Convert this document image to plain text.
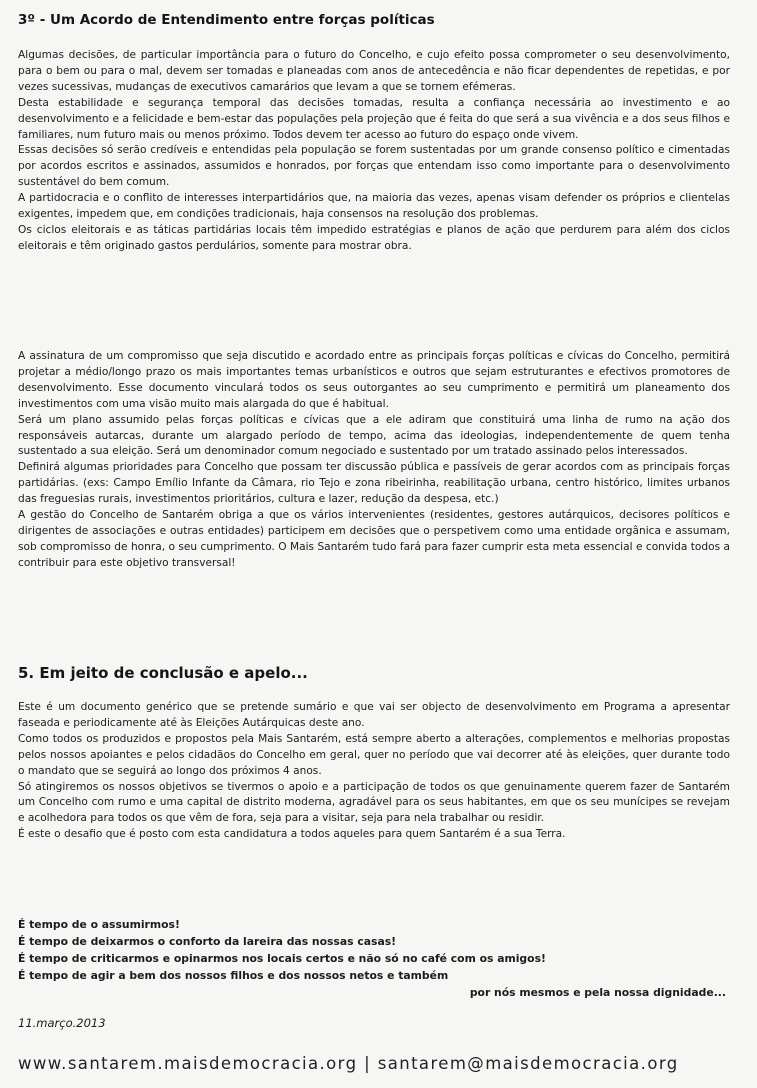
3º - Um Acordo de Entendimento entre forças políticas
Algumas decisões, de particular importância para o futuro do Concelho, e cujo efeito possa comprometer o seu desenvolvimento, para o bem ou para o mal, devem ser tomadas e planeadas com anos de antecedência e não ficar dependentes de repetidas, e por vezes sucessivas, mudanças de executivos camarários que levam a que se tornem efémeras.
Desta estabilidade e segurança temporal das decisões tomadas, resulta a confiança necessária ao investimento e ao desenvolvimento e a felicidade e bem-estar das populações pela projeção que é feita do que será a sua vivência e a dos seus filhos e familiares, num futuro mais ou menos próximo. Todos devem ter acesso ao futuro do espaço onde vivem.
Essas decisões só serão credíveis e entendidas pela população se forem sustentadas por um grande consenso político e cimentadas por acordos escritos e assinados, assumidos e honrados, por forças que entendam isso como importante para o desenvolvimento sustentável do bem comum.
A partidocracia e o conflito de interesses interpartidários que, na maioria das vezes, apenas visam defender os próprios e clientelas exigentes, impedem que, em condições tradicionais, haja consensos na resolução dos problemas.
Os ciclos eleitorais e as táticas partidárias locais têm impedido estratégias e planos de ação que perdurem para além dos ciclos eleitorais e têm originado gastos perdulários, somente para mostrar obra.
A assinatura de um compromisso que seja discutido e acordado entre as principais forças políticas e cívicas do Concelho, permitirá projetar a médio/longo prazo os mais importantes temas urbanísticos e outros que sejam estruturantes e efectivos promotores de desenvolvimento. Esse documento vinculará todos os seus outorgantes ao seu cumprimento e permitirá um planeamento dos investimentos com uma visão muito mais alargada do que é habitual.
Será um plano assumido pelas forças políticas e cívicas que a ele adiram que constituirá uma linha de rumo na ação dos responsáveis autarcas, durante um alargado período de tempo, acima das ideologias, independentemente de quem tenha sustentado a sua eleição. Será um denominador comum negociado e sustentado por um tratado assinado pelos interessados.
Definirá algumas prioridades para Concelho que possam ter discussão pública e passíveis de gerar acordos com as principais forças partidárias. (exs: Campo Emílio Infante da Câmara, rio Tejo e zona ribeirinha, reabilitação urbana, centro histórico, limites urbanos das freguesias rurais, investimentos prioritários, cultura e lazer, redução da despesa, etc.)
A gestão do Concelho de Santarém obriga a que os vários intervenientes (residentes, gestores autárquicos, decisores políticos e dirigentes de associações e outras entidades) participem em decisões que o perspetivem como uma entidade orgânica e assumam, sob compromisso de honra, o seu cumprimento. O Mais Santarém tudo fará para fazer cumprir esta meta essencial e convida todos a contribuir para este objetivo transversal!
5. Em jeito de conclusão e apelo...
Este é um documento genérico que se pretende sumário e que vai ser objecto de desenvolvimento em Programa a apresentar faseada e periodicamente até às Eleições Autárquicas deste ano.
Como todos os produzidos e propostos pela Mais Santarém, está sempre aberto a alterações, complementos e melhorias propostas pelos nossos apoiantes e pelos cidadãos do Concelho em geral, quer no período que vai decorrer até às eleições, quer durante todo o mandato que se seguirá ao longo dos próximos 4 anos.
Só atingiremos os nossos objetivos se tivermos o apoio e a participação de todos os que genuinamente querem fazer de Santarém um Concelho com rumo e uma capital de distrito moderna, agradável para os seus habitantes, em que os seu munícipes se revejam e acolhedora para todos os que vêm de fora, seja para a visitar, seja para nela trabalhar ou residir.
É este o desafio que é posto com esta candidatura a todos aqueles para quem Santarém é a sua Terra.
É tempo de o assumirmos!
É tempo de deixarmos o conforto da lareira das nossas casas!
É tempo de criticarmos e opinarmos nos locais certos e não só no café com os amigos!
É tempo de agir a bem dos nossos filhos e dos nossos netos e também
por nós mesmos e pela nossa dignidade...
11.março.2013
www.santarem.maisdemocracia.org | santarem@maisdemocracia.org
